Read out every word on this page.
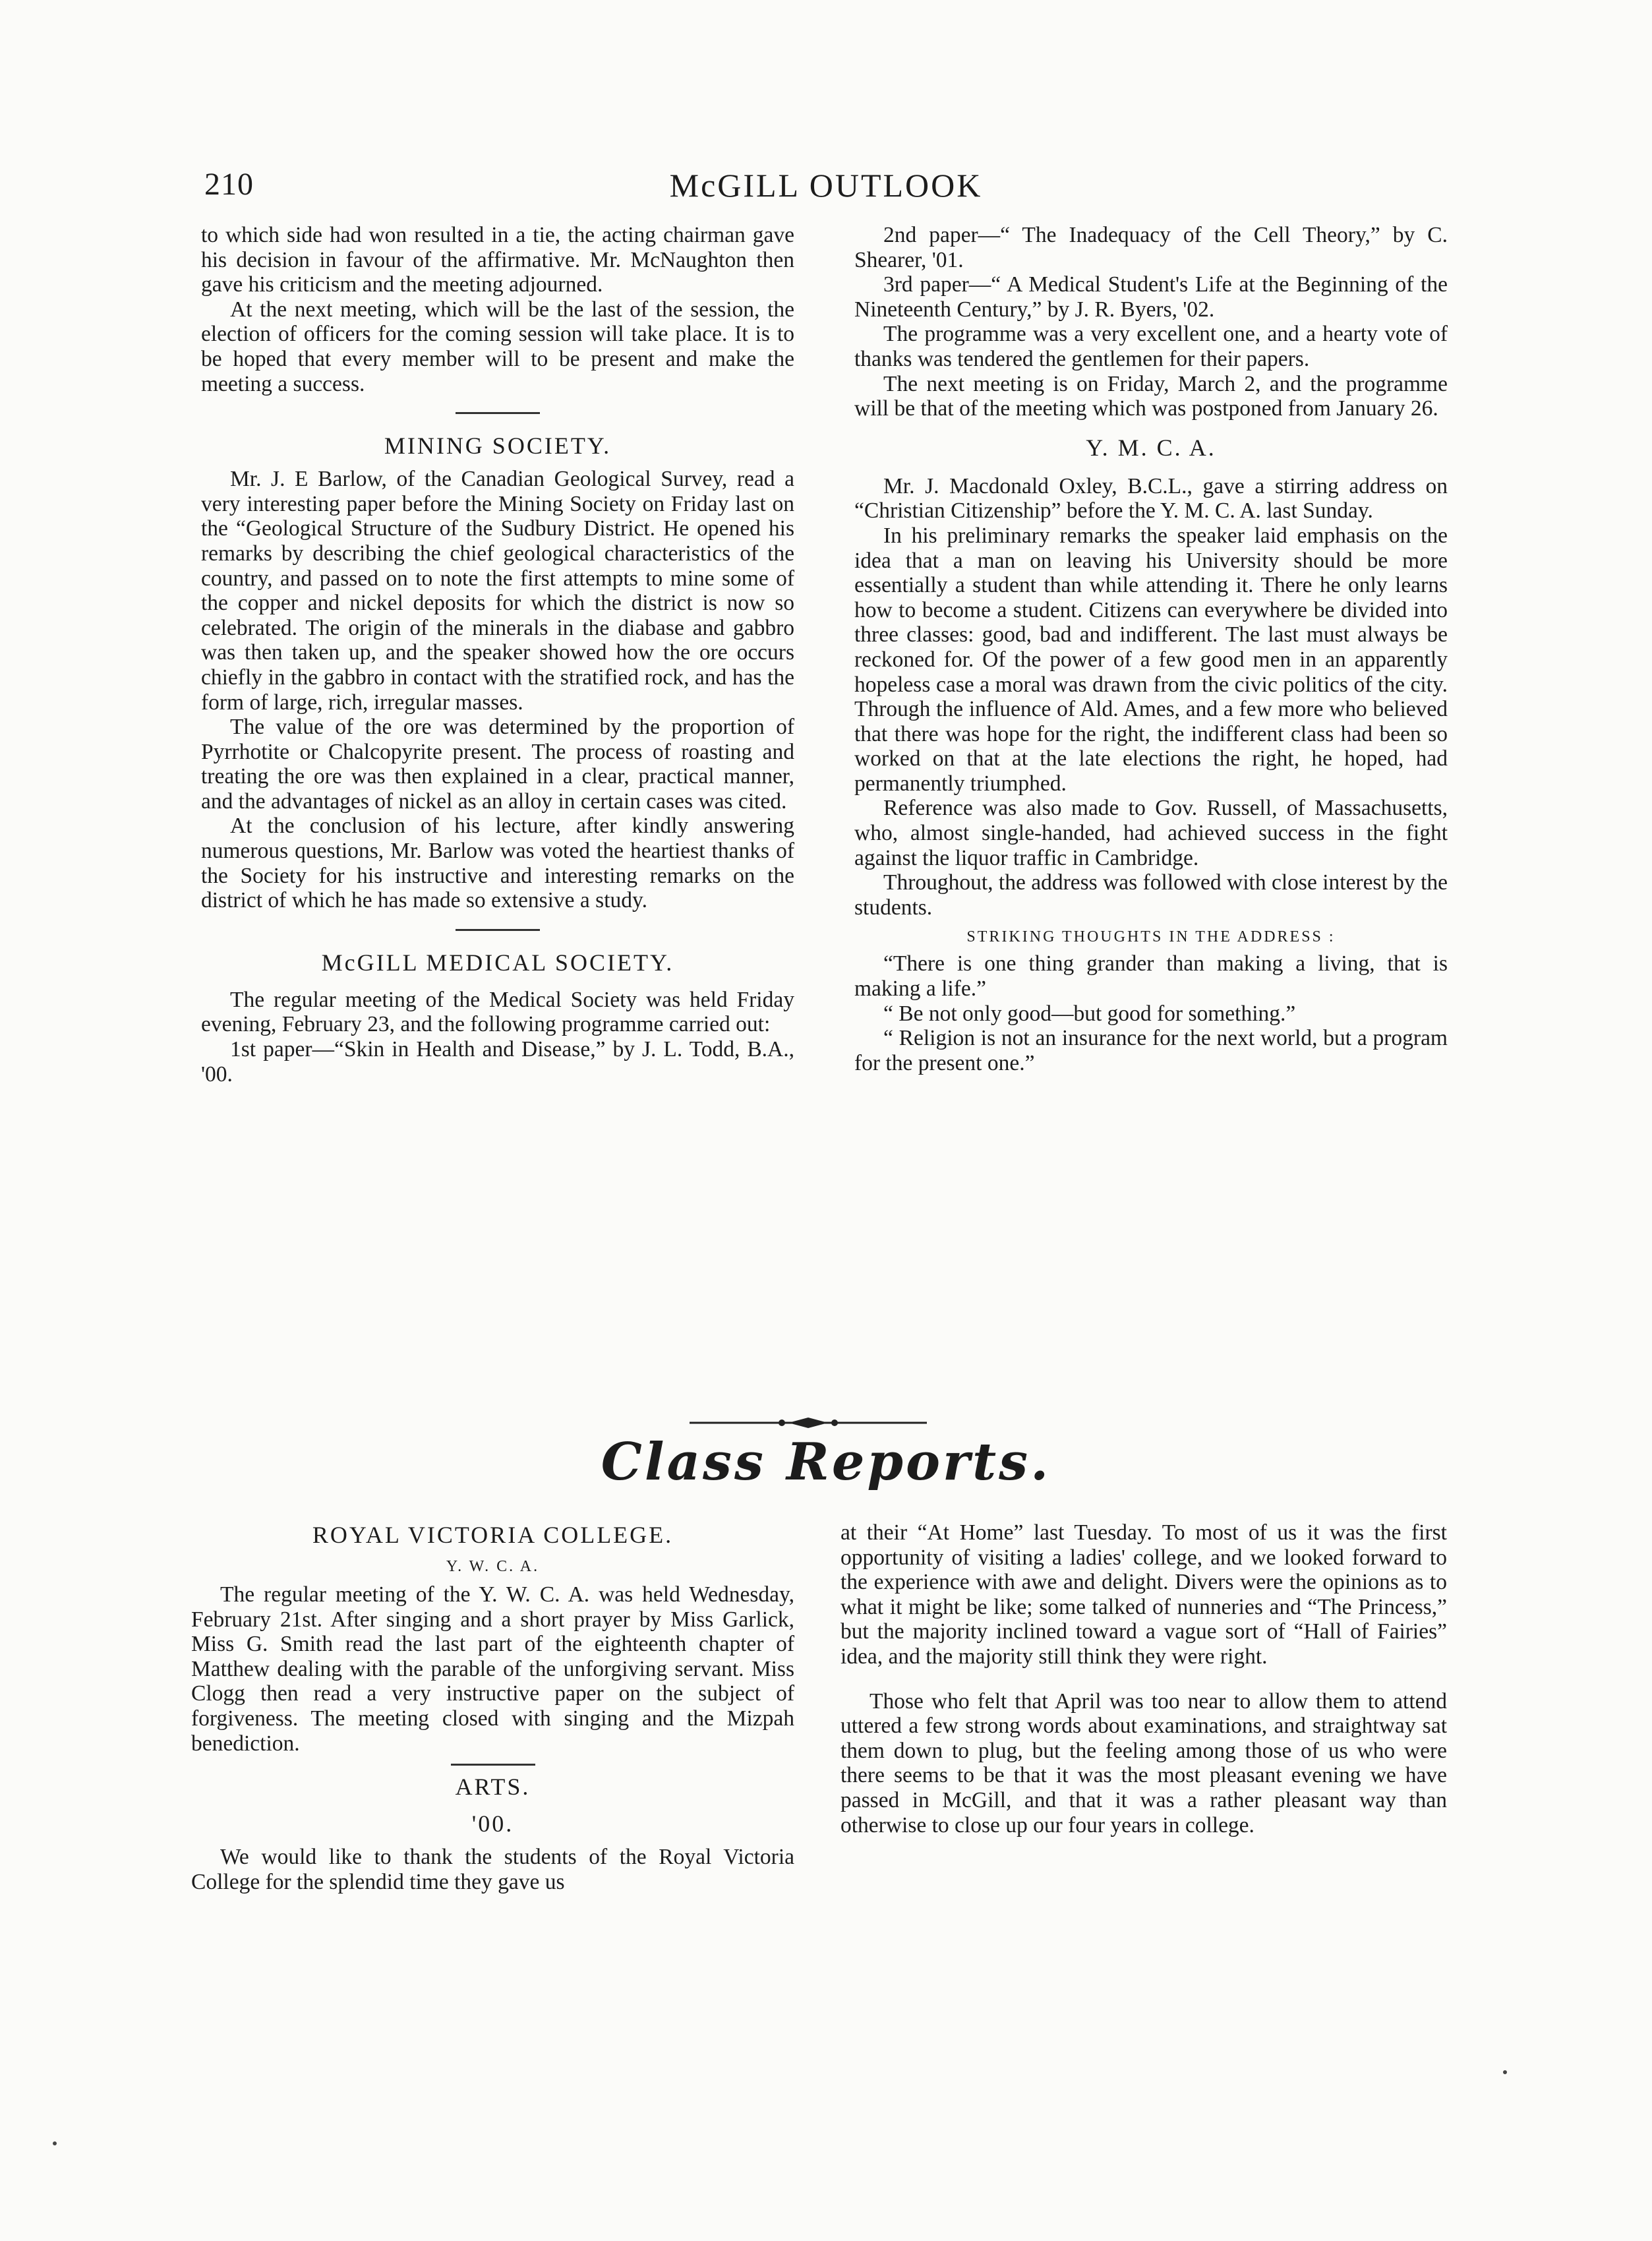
210	McGILL OUTLOOK

to which side had won resulted in a tie, the acting chairman gave his decision in favour of the affirmative. Mr. McNaughton then gave his criticism and the meeting adjourned.

At the next meeting, which will be the last of the session, the election of officers for the coming session will take place. It is to be hoped that every member will to be present and make the meeting a success.

MINING SOCIETY.

Mr. J. E Barlow, of the Canadian Geological Survey, read a very interesting paper before the Mining Society on Friday last on the “Geological Structure of the Sudbury District. He opened his remarks by describing the chief geological characteristics of the country, and passed on to note the first attempts to mine some of the copper and nickel deposits for which the district is now so celebrated. The origin of the minerals in the diabase and gabbro was then taken up, and the speaker showed how the ore occurs chiefly in the gabbro in contact with the stratified rock, and has the form of large, rich, irregular masses.

The value of the ore was determined by the proportion of Pyrrhotite or Chalcopyrite present. The process of roasting and treating the ore was then explained in a clear, practical manner, and the advantages of nickel as an alloy in certain cases was cited.

At the conclusion of his lecture, after kindly answering numerous questions, Mr. Barlow was voted the heartiest thanks of the Society for his instructive and interesting remarks on the district of which he has made so extensive a study.

McGILL MEDICAL SOCIETY.

The regular meeting of the Medical Society was held Friday evening, February 23, and the following programme carried out:

1st paper—“Skin in Health and Disease,” by J. L. Todd, B.A., '00.

2nd paper—“ The Inadequacy of the Cell Theory,” by C. Shearer, '01.

3rd paper—“ A Medical Student's Life at the Beginning of the Nineteenth Century,” by J. R. Byers, '02.

The programme was a very excellent one, and a hearty vote of thanks was tendered the gentlemen for their papers.

The next meeting is on Friday, March 2, and the programme will be that of the meeting which was postponed from January 26.

Y. M. C. A.

Mr. J. Macdonald Oxley, B.C.L., gave a stirring address on “Christian Citizenship” before the Y. M. C. A. last Sunday.

In his preliminary remarks the speaker laid emphasis on the idea that a man on leaving his University should be more essentially a student than while attending it. There he only learns how to become a student. Citizens can everywhere be divided into three classes: good, bad and indifferent. The last must always be reckoned for. Of the power of a few good men in an apparently hopeless case a moral was drawn from the civic politics of the city. Through the influence of Ald. Ames, and a few more who believed that there was hope for the right, the indifferent class had been so worked on that at the late elections the right, he hoped, had permanently triumphed.

Reference was also made to Gov. Russell, of Massachusetts, who, almost single-handed, had achieved success in the fight against the liquor traffic in Cambridge.

Throughout, the address was followed with close interest by the students.

STRIKING THOUGHTS IN THE ADDRESS :

“There is one thing grander than making a living, that is making a life.”

“ Be not only good—but good for something.”

“ Religion is not an insurance for the next world, but a program for the present one.”

Class Reports.
ROYAL VICTORIA COLLEGE.
Y. W. C. A.

The regular meeting of the Y. W. C. A. was held Wednesday, February 21st. After singing and a short prayer by Miss Garlick, Miss G. Smith read the last part of the eighteenth chapter of Matthew dealing with the parable of the unforgiving servant. Miss Clogg then read a very instructive paper on the subject of forgiveness. The meeting closed with singing and the Mizpah benediction.

ARTS.
'00.

We would like to thank the students of the Royal Victoria College for the splendid time they gave us

at their “At Home” last Tuesday. To most of us it was the first opportunity of visiting a ladies' college, and we looked forward to the experience with awe and delight. Divers were the opinions as to what it might be like; some talked of nunneries and “The Princess,” but the majority inclined toward a vague sort of “Hall of Fairies” idea, and the majority still think they were right.

Those who felt that April was too near to allow them to attend uttered a few strong words about examinations, and straightway sat them down to plug, but the feeling among those of us who were there seems to be that it was the most pleasant evening we have passed in McGill, and that it was a rather pleasant way than otherwise to close up our four years in college.
